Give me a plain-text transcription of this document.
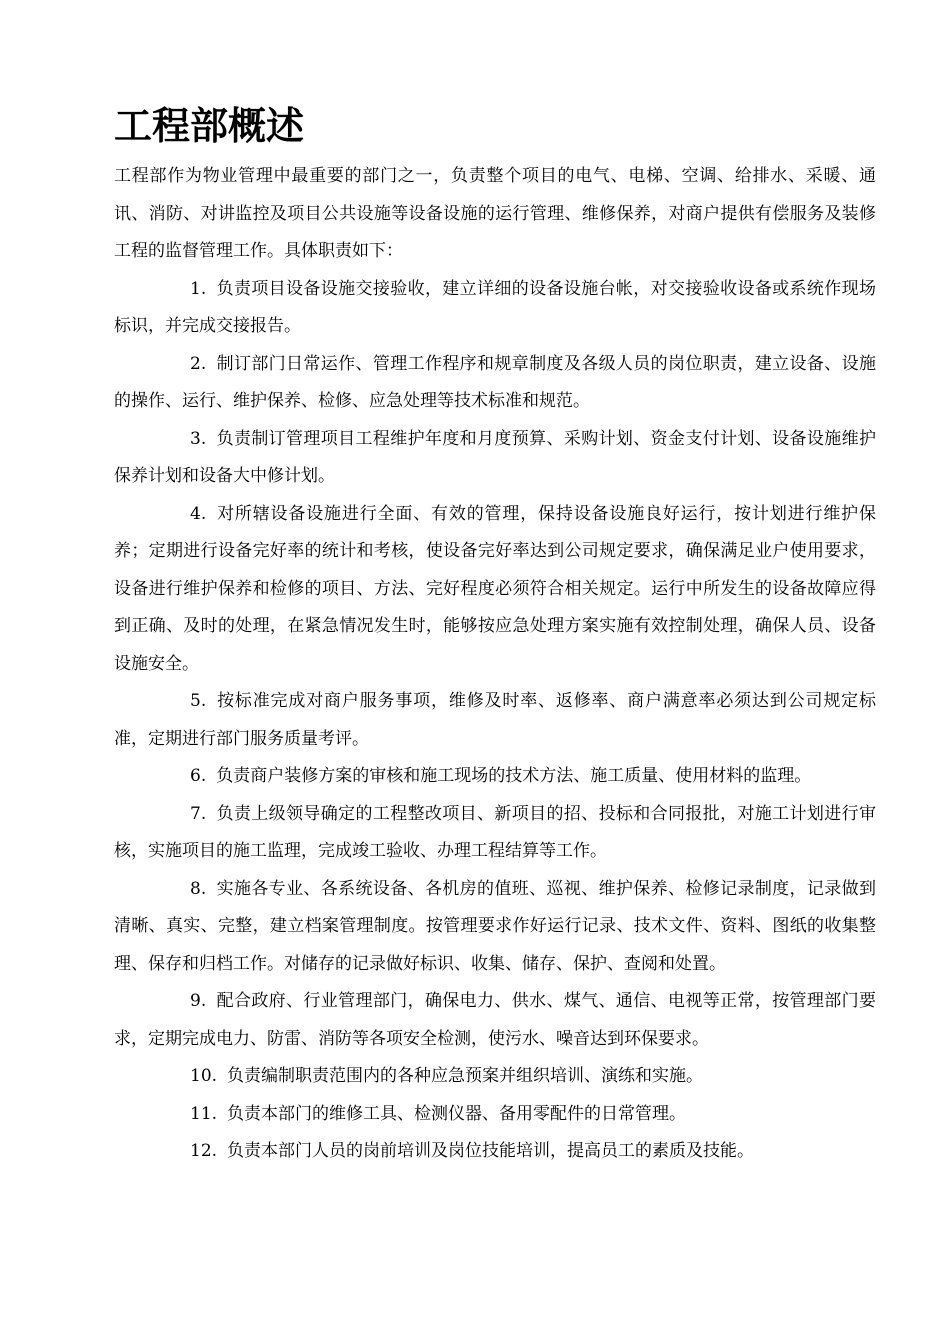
工程部概述

工程部作为物业管理中最重要的部门之一，负责整个项目的电气、电梯、空调、给排水、采暖、通讯、消防、对讲监控及项目公共设施等设备设施的运行管理、维修保养，对商户提供有偿服务及装修工程的监督管理工作。具体职责如下：

1. 负责项目设备设施交接验收，建立详细的设备设施台帐，对交接验收设备或系统作现场标识，并完成交接报告。

2. 制订部门日常运作、管理工作程序和规章制度及各级人员的岗位职责，建立设备、设施的操作、运行、维护保养、检修、应急处理等技术标准和规范。

3. 负责制订管理项目工程维护年度和月度预算、采购计划、资金支付计划、设备设施维护保养计划和设备大中修计划。

4. 对所辖设备设施进行全面、有效的管理，保持设备设施良好运行，按计划进行维护保养；定期进行设备完好率的统计和考核，使设备完好率达到公司规定要求，确保满足业户使用要求，设备进行维护保养和检修的项目、方法、完好程度必须符合相关规定。运行中所发生的设备故障应得到正确、及时的处理，在紧急情况发生时，能够按应急处理方案实施有效控制处理，确保人员、设备设施安全。

5. 按标准完成对商户服务事项，维修及时率、返修率、商户满意率必须达到公司规定标准，定期进行部门服务质量考评。

6. 负责商户装修方案的审核和施工现场的技术方法、施工质量、使用材料的监理。

7. 负责上级领导确定的工程整改项目、新项目的招、投标和合同报批，对施工计划进行审核，实施项目的施工监理，完成竣工验收、办理工程结算等工作。

8. 实施各专业、各系统设备、各机房的值班、巡视、维护保养、检修记录制度，记录做到清晰、真实、完整，建立档案管理制度。按管理要求作好运行记录、技术文件、资料、图纸的收集整理、保存和归档工作。对储存的记录做好标识、收集、储存、保护、查阅和处置。

9. 配合政府、行业管理部门，确保电力、供水、煤气、通信、电视等正常，按管理部门要求，定期完成电力、防雷、消防等各项安全检测，使污水、噪音达到环保要求。

10. 负责编制职责范围内的各种应急预案并组织培训、演练和实施。

11. 负责本部门的维修工具、检测仪器、备用零配件的日常管理。

12. 负责本部门人员的岗前培训及岗位技能培训，提高员工的素质及技能。
